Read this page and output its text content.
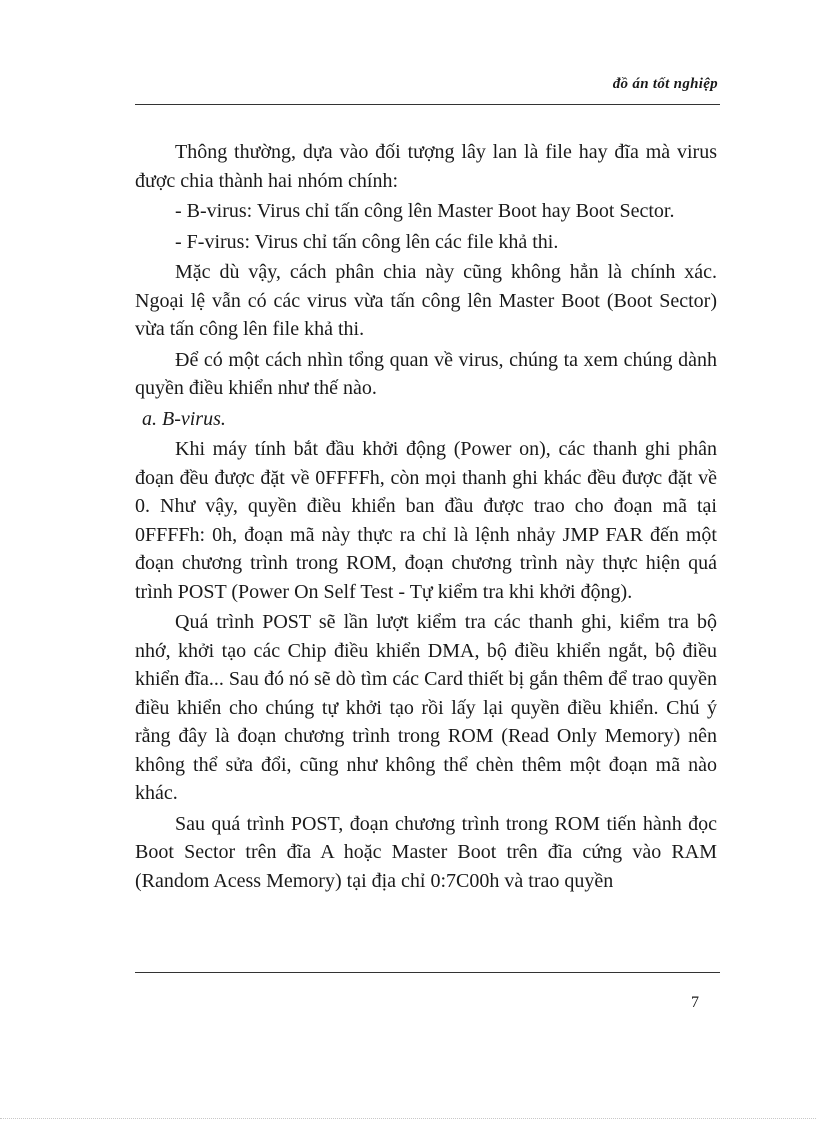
đồ án tốt nghiệp

Thông thường, dựa vào đối tượng lây lan là file hay đĩa mà virus được chia thành hai nhóm chính:

- B-virus: Virus chỉ tấn công lên Master Boot hay Boot Sector.

- F-virus: Virus chỉ tấn công lên các file khả thi.

Mặc dù vậy, cách phân chia này cũng không hẳn là chính xác. Ngoại lệ vẫn có các virus vừa tấn công lên Master Boot (Boot Sector) vừa tấn công lên file khả thi.

Để có một cách nhìn tổng quan về virus, chúng ta xem chúng dành quyền điều khiển như thế nào.

a. B-virus.

Khi máy tính bắt đầu khởi động (Power on), các thanh ghi phân đoạn đều được đặt về 0FFFFh, còn mọi thanh ghi khác đều được đặt về 0. Như vậy, quyền điều khiển ban đầu được trao cho đoạn mã tại 0FFFFh: 0h, đoạn mã này thực ra chỉ là lệnh nhảy JMP FAR đến một đoạn chương trình trong ROM, đoạn chương trình này thực hiện quá trình POST (Power On Self Test - Tự kiểm tra khi khởi động).

Quá trình POST sẽ lần lượt kiểm tra các thanh ghi, kiểm tra bộ nhớ, khởi tạo các Chip điều khiển DMA, bộ điều khiển ngắt, bộ điều khiển đĩa... Sau đó nó sẽ dò tìm các Card thiết bị gắn thêm để trao quyền điều khiển cho chúng tự khởi tạo rồi lấy lại quyền điều khiển. Chú ý rằng đây là đoạn chương trình trong ROM (Read Only Memory) nên không thể sửa đổi, cũng như không thể chèn thêm một đoạn mã nào khác.

Sau quá trình POST, đoạn chương trình trong ROM tiến hành đọc Boot Sector trên đĩa A hoặc Master Boot trên đĩa cứng vào RAM (Random Acess Memory) tại địa chỉ 0:7C00h và trao quyền

7
